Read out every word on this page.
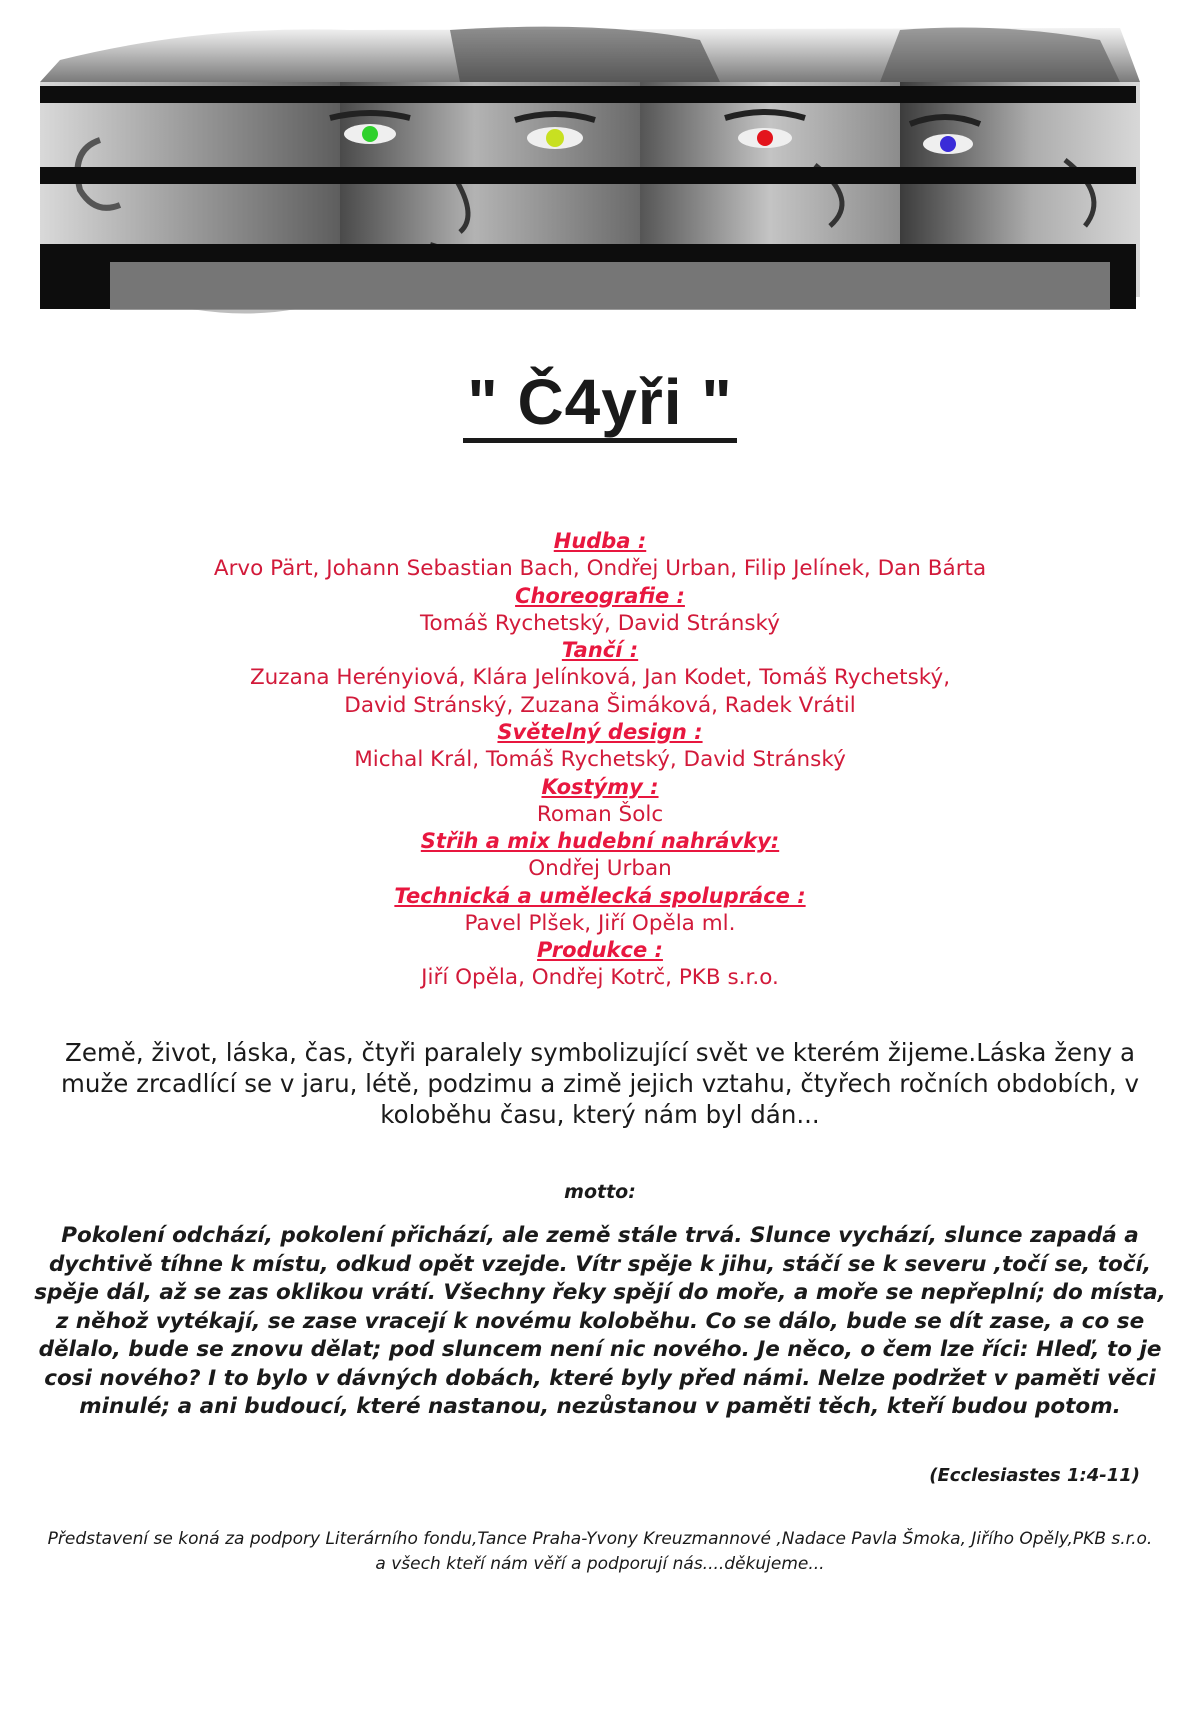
" Č4yři "
Hudba :
Arvo Pärt, Johann Sebastian Bach, Ondřej Urban, Filip Jelínek, Dan Bárta
Choreografie :
Tomáš Rychetský, David Stránský
Tančí :
Zuzana Herényiová, Klára Jelínková, Jan Kodet, Tomáš Rychetský,
David Stránský, Zuzana Šimáková, Radek Vrátil
Světelný design :
Michal Král, Tomáš Rychetský, David Stránský
Kostýmy :
Roman Šolc
Střih a mix hudební nahrávky:
Ondřej Urban
Technická a umělecká spolupráce :
Pavel Plšek, Jiří Opěla ml.
Produkce :
Jiří Opěla, Ondřej Kotrč, PKB s.r.o.
Země, život, láska, čas, čtyři paralely symbolizující svět ve kterém žijeme.Láska ženy a muže zrcadlící se v jaru, létě, podzimu a zimě jejich vztahu, čtyřech ročních obdobích, v koloběhu času, který nám byl dán...
motto:
Pokolení odchází, pokolení přichází, ale země stále trvá. Slunce vychází, slunce zapadá a dychtivě tíhne k místu, odkud opět vzejde. Vítr spěje k jihu, stáčí se k severu ,točí se, točí, spěje dál, až se zas oklikou vrátí. Všechny řeky spějí do moře, a moře se nepřeplní; do místa, z něhož vytékají, se zase vracejí k novému koloběhu. Co se dálo, bude se dít zase, a co se dělalo, bude se znovu dělat; pod sluncem není nic nového. Je něco, o čem lze říci: Hleď, to je cosi nového? I to bylo v dávných dobách, které byly před námi. Nelze podržet v paměti věci minulé; a ani budoucí, které nastanou, nezůstanou v paměti těch, kteří budou potom.
(Ecclesiastes 1:4-11)
Představení se koná za podpory Literárního fondu,Tance Praha-Yvony Kreuzmannové ,Nadace Pavla Šmoka, Jiřího Opěly,PKB s.r.o. a všech kteří nám věří a podporují nás....děkujeme...
